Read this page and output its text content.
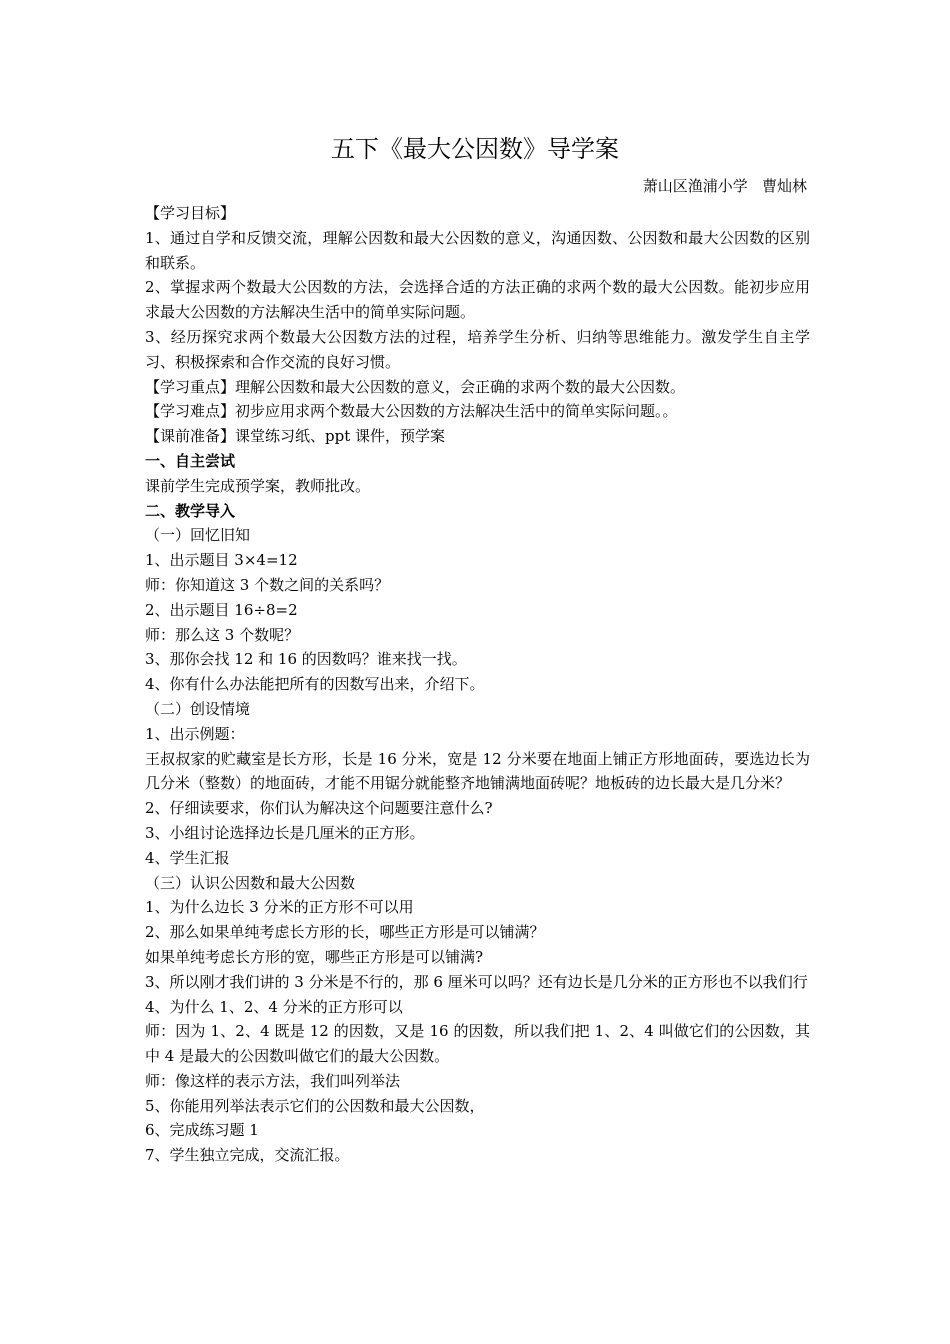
五下《最大公因数》导学案
萧山区渔浦小学   曹灿林

【学习目标】

1、通过自学和反馈交流，理解公因数和最大公因数的意义，沟通因数、公因数和最大公因数的区别和联系。

2、掌握求两个数最大公因数的方法，会选择合适的方法正确的求两个数的最大公因数。能初步应用求最大公因数的方法解决生活中的简单实际问题。

3、经历探究求两个数最大公因数方法的过程，培养学生分析、归纳等思维能力。激发学生自主学习、积极探索和合作交流的良好习惯。

【学习重点】理解公因数和最大公因数的意义，会正确的求两个数的最大公因数。

【学习难点】初步应用求两个数最大公因数的方法解决生活中的简单实际问题。。

【课前准备】课堂练习纸、ppt 课件，预学案

一、自主尝试

课前学生完成预学案，教师批改。

二、教学导入

（一）回忆旧知

1、出示题目 3×4=12

师：你知道这 3 个数之间的关系吗？

2、出示题目 16÷8=2

师：那么这 3 个数呢？

3、那你会找 12 和 16 的因数吗？谁来找一找。

4、你有什么办法能把所有的因数写出来，介绍下。

（二）创设情境

1、出示例题：

王叔叔家的贮藏室是长方形，长是 16 分米，宽是 12 分米要在地面上铺正方形地面砖，要选边长为几分米（整数）的地面砖，才能不用锯分就能整齐地铺满地面砖呢？地板砖的边长最大是几分米？

2、仔细读要求，你们认为解决这个问题要注意什么?

3、小组讨论选择边长是几厘米的正方形。

4、学生汇报

（三）认识公因数和最大公因数

1、为什么边长 3 分米的正方形不可以用

2、那么如果单纯考虑长方形的长，哪些正方形是可以铺满？

如果单纯考虑长方形的宽，哪些正方形是可以铺满?

3、所以刚才我们讲的 3 分米是不行的，那 6 厘米可以吗？还有边长是几分米的正方形也不以我们行

4、为什么 1、2、4 分米的正方形可以

师：因为 1、2、4 既是 12 的因数，又是 16 的因数，所以我们把 1、2、4 叫做它们的公因数，其中 4 是最大的公因数叫做它们的最大公因数。

师：像这样的表示方法，我们叫列举法

5、你能用列举法表示它们的公因数和最大公因数，

6、完成练习题 1

7、学生独立完成，交流汇报。
